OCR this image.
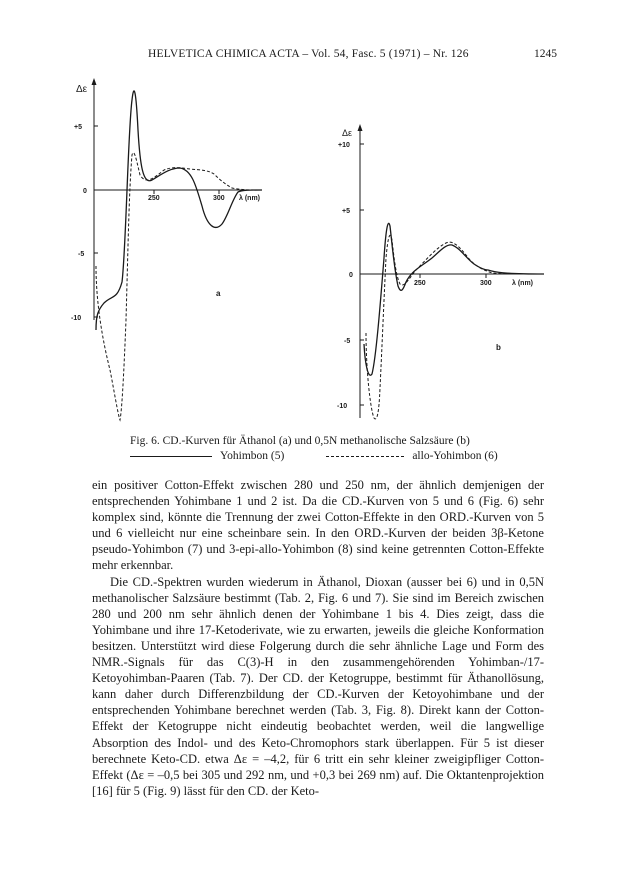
HELVETICA CHIMICA ACTA – Vol. 54, Fasc. 5 (1971) – Nr. 126	1245
Δε
+5
0
-5
-10
250	300 λ (nm)
a
Δε
+10
+5
0
-5
-10
250	300	λ (nm)
b
Fig. 6. CD.-Kurven für Äthanol (a) und 0,5N methanolische Salzsäure (b)
Yohimbon (5)	allo-Yohimbon (6)

ein positiver Cotton-Effekt zwischen 280 und 250 nm, der ähnlich demjenigen der entsprechenden Yohimbane 1 und 2 ist. Da die CD.-Kurven von 5 und 6 (Fig. 6) sehr komplex sind, könnte die Trennung der zwei Cotton-Effekte in den ORD.-Kurven von 5 und 6 vielleicht nur eine scheinbare sein. In den ORD.-Kurven der beiden 3β-Ketone pseudo-Yohimbon (7) und 3-epi-allo-Yohimbon (8) sind keine getrennten Cotton-Effekte mehr erkennbar.

Die CD.-Spektren wurden wiederum in Äthanol, Dioxan (ausser bei 6) und in 0,5N methanolischer Salzsäure bestimmt (Tab. 2, Fig. 6 und 7). Sie sind im Bereich zwischen 280 und 200 nm sehr ähnlich denen der Yohimbane 1 bis 4. Dies zeigt, dass die Yohimbane und ihre 17-Ketoderivate, wie zu erwarten, jeweils die gleiche Konformation besitzen. Unterstützt wird diese Folgerung durch die sehr ähnliche Lage und Form des NMR.-Signals für das C(3)-H in den zusammengehörenden Yohimban-/17-Ketoyohimban-Paaren (Tab. 7). Der CD. der Ketogruppe, bestimmt für Äthanollösung, kann daher durch Differenzbildung der CD.-Kurven der Ketoyohimbane und der entsprechenden Yohimbane berechnet werden (Tab. 3, Fig. 8). Direkt kann der Cotton-Effekt der Ketogruppe nicht eindeutig beobachtet werden, weil die langwellige Absorption des Indol- und des Keto-Chromophors stark überlappen. Für 5 ist dieser berechnete Keto-CD. etwa Δε = –4,2, für 6 tritt ein sehr kleiner zweigipfliger Cotton-Effekt (Δε = –0,5 bei 305 und 292 nm, und +0,3 bei 269 nm) auf. Die Oktantenprojektion [16] für 5 (Fig. 9) lässt für den CD. der Keto-
